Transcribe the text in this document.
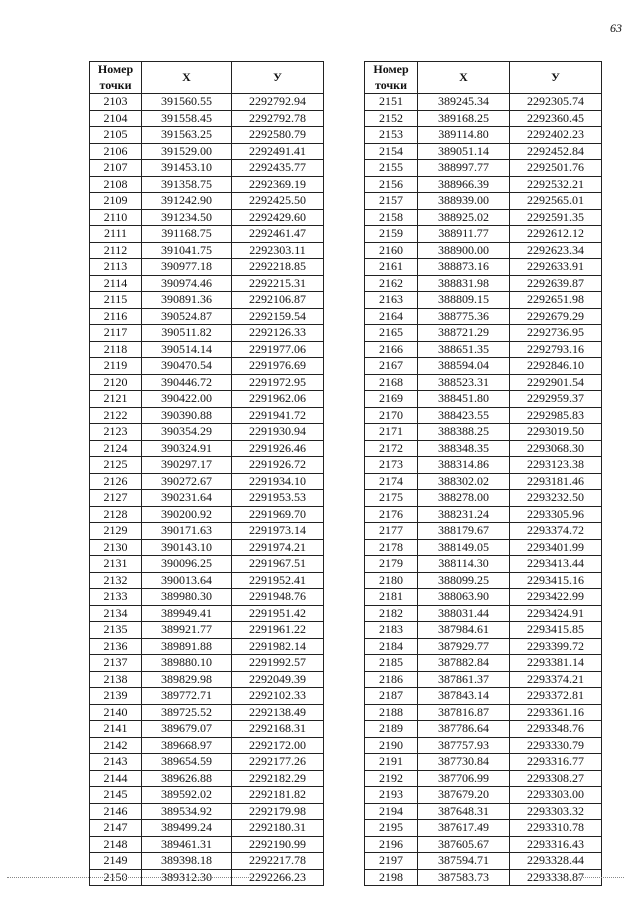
63
Номер
точки	X	У
2103	391560.55	2292792.94
2104	391558.45	2292792.78
2105	391563.25	2292580.79
2106	391529.00	2292491.41
2107	391453.10	2292435.77
2108	391358.75	2292369.19
2109	391242.90	2292425.50
2110	391234.50	2292429.60
2111	391168.75	2292461.47
2112	391041.75	2292303.11
2113	390977.18	2292218.85
2114	390974.46	2292215.31
2115	390891.36	2292106.87
2116	390524.87	2292159.54
2117	390511.82	2292126.33
2118	390514.14	2291977.06
2119	390470.54	2291976.69
2120	390446.72	2291972.95
2121	390422.00	2291962.06
2122	390390.88	2291941.72
2123	390354.29	2291930.94
2124	390324.91	2291926.46
2125	390297.17	2291926.72
2126	390272.67	2291934.10
2127	390231.64	2291953.53
2128	390200.92	2291969.70
2129	390171.63	2291973.14
2130	390143.10	2291974.21
2131	390096.25	2291967.51
2132	390013.64	2291952.41
2133	389980.30	2291948.76
2134	389949.41	2291951.42
2135	389921.77	2291961.22
2136	389891.88	2291982.14
2137	389880.10	2291992.57
2138	389829.98	2292049.39
2139	389772.71	2292102.33
2140	389725.52	2292138.49
2141	389679.07	2292168.31
2142	389668.97	2292172.00
2143	389654.59	2292177.26
2144	389626.88	2292182.29
2145	389592.02	2292181.82
2146	389534.92	2292179.98
2147	389499.24	2292180.31
2148	389461.31	2292190.99
2149	389398.18	2292217.78
2150	389312.30	2292266.23
Номер
точки	X	У
2151	389245.34	2292305.74
2152	389168.25	2292360.45
2153	389114.80	2292402.23
2154	389051.14	2292452.84
2155	388997.77	2292501.76
2156	388966.39	2292532.21
2157	388939.00	2292565.01
2158	388925.02	2292591.35
2159	388911.77	2292612.12
2160	388900.00	2292623.34
2161	388873.16	2292633.91
2162	388831.98	2292639.87
2163	388809.15	2292651.98
2164	388775.36	2292679.29
2165	388721.29	2292736.95
2166	388651.35	2292793.16
2167	388594.04	2292846.10
2168	388523.31	2292901.54
2169	388451.80	2292959.37
2170	388423.55	2292985.83
2171	388388.25	2293019.50
2172	388348.35	2293068.30
2173	388314.86	2293123.38
2174	388302.02	2293181.46
2175	388278.00	2293232.50
2176	388231.24	2293305.96
2177	388179.67	2293374.72
2178	388149.05	2293401.99
2179	388114.30	2293413.44
2180	388099.25	2293415.16
2181	388063.90	2293422.99
2182	388031.44	2293424.91
2183	387984.61	2293415.85
2184	387929.77	2293399.72
2185	387882.84	2293381.14
2186	387861.37	2293374.21
2187	387843.14	2293372.81
2188	387816.87	2293361.16
2189	387786.64	2293348.76
2190	387757.93	2293330.79
2191	387730.84	2293316.77
2192	387706.99	2293308.27
2193	387679.20	2293303.00
2194	387648.31	2293303.32
2195	387617.49	2293310.78
2196	387605.67	2293316.43
2197	387594.71	2293328.44
2198	387583.73	2293338.87
